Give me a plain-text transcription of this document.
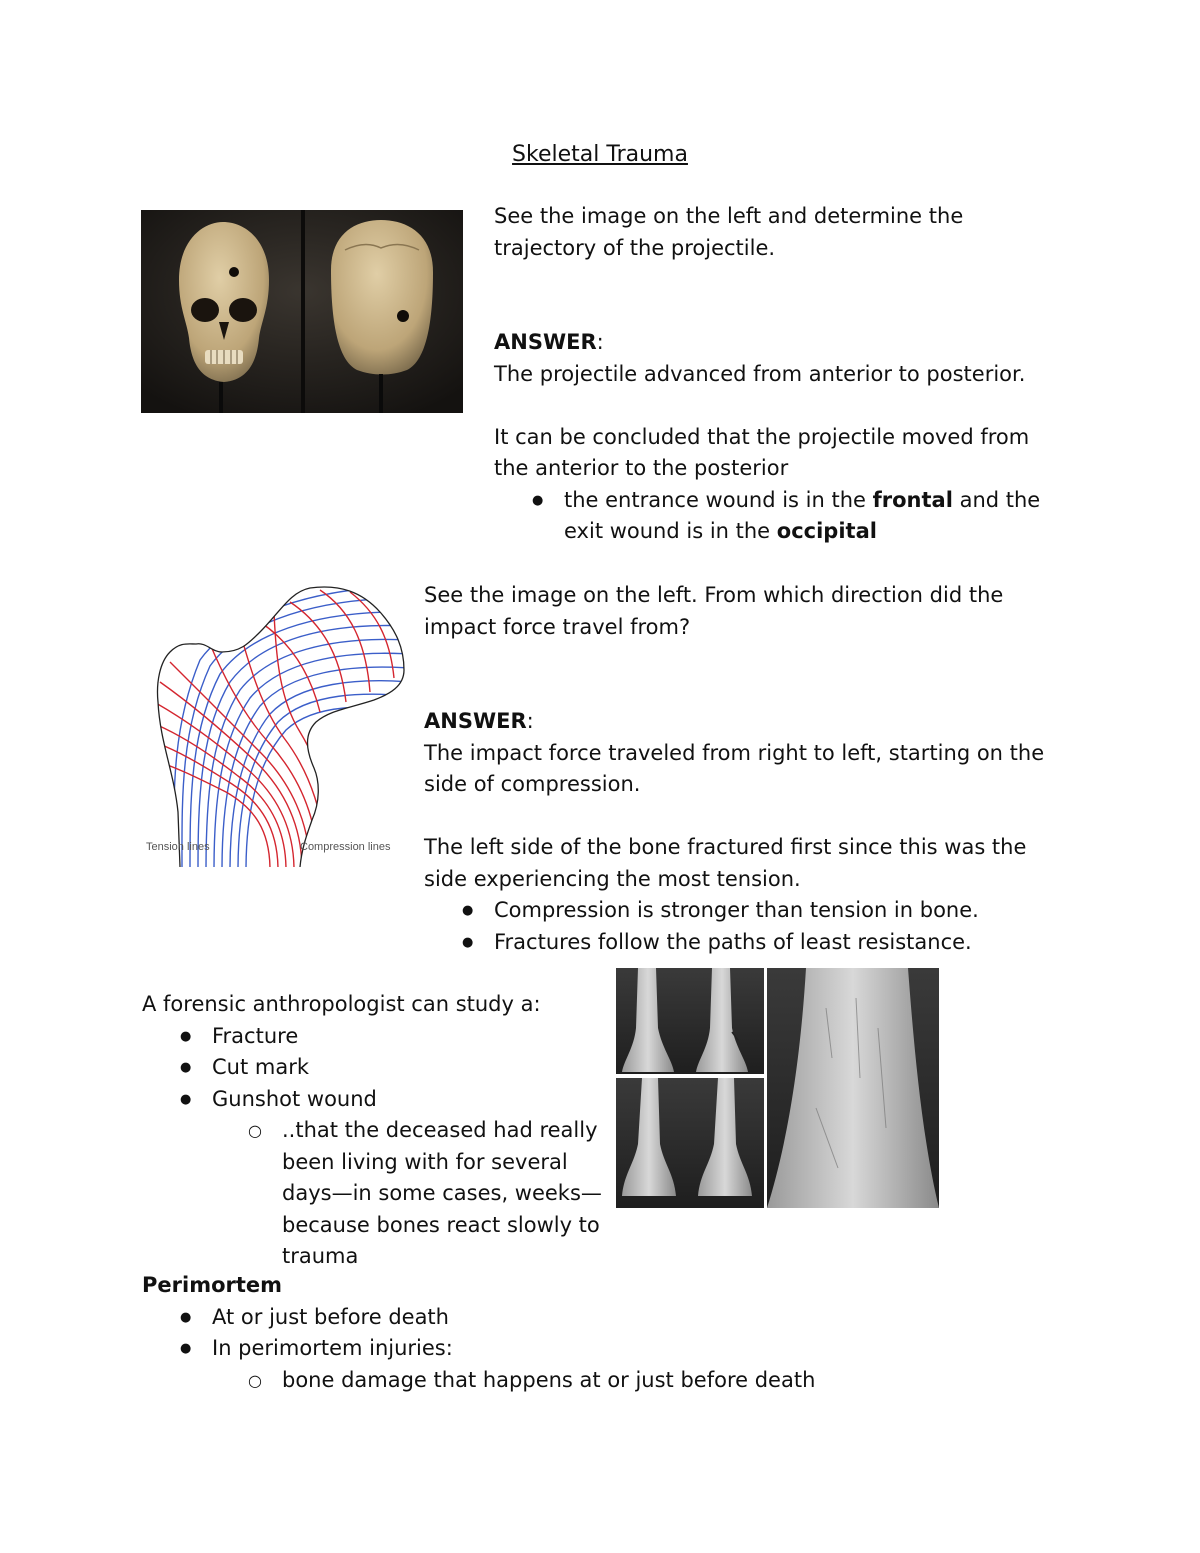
Skeletal Trauma

See the image on the left and determine the trajectory of the projectile.

ANSWER:

The projectile advanced from anterior to posterior.

It can be concluded that the projectile moved from the anterior to the posterior

● the entrance wound is in the frontal and the exit wound is in the occipital
Tension lines	Compression lines

See the image on the left. From which direction did the impact force travel from?

ANSWER:

The impact force traveled from right to left, starting on the side of compression.

The left side of the bone fractured first since this was the side experiencing the most tension.

● Compression is stronger than tension in bone.
● Fractures follow the paths of least resistance.

A forensic anthropologist can study a:

● Fracture
● Cut mark
● Gunshot wound
○ ..that the deceased had really been living with for several days—in some cases, weeks—because bones react slowly to trauma

Perimortem

● At or just before death
● In perimortem injuries:
○ bone damage that happens at or just before death
